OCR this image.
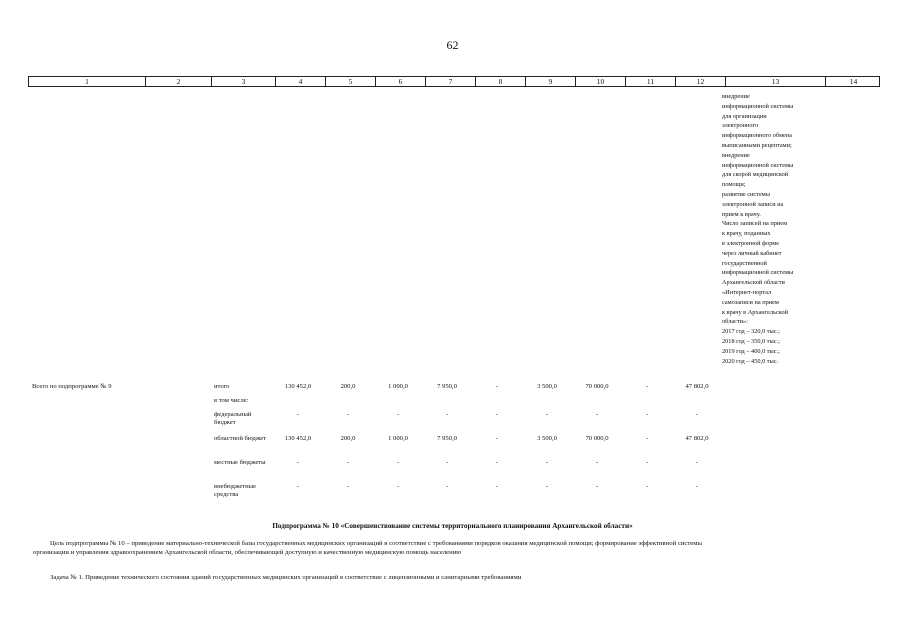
62
1	2	3	4	5	6	7	8	9	10	11	12	13	14
внедрение
информационной системы
для организации
электронного
информационного обмена
выписанными рецептами;
внедрение
информационной системы
для скорой медицинской
помощи;
развитие системы
электронной записи на
прием к врачу.
Число записей на прием
к врачу, поданных
в электронной форме
через личный кабинет
государственной
информационной системы
Архангельской области
«Интернет-портал
самозаписи на прием
к врачу в Архангельской
области»:
2017 год – 320,0 тыс.;
2018 год – 350,0 тыс.;
2019 год – 400,0 тыс.;
2020 год – 450,0 тыс.
Всего по подпрограмме № 9	итого	130 452,0	200,0	1 000,0	7 950,0	-	3 500,0	70 000,0	-	47 802,0
в том числе:
федеральный бюджет
-	-	-	-	-	-	-	-	-
областной бюджет	130 452,0	200,0	1 000,0	7 950,0	-	3 500,0	70 000,0	-	47 802,0
местные бюджеты	-	-	-	-	-	-	-	-	-
внебюджетные средства
-	-	-	-	-	-	-	-	-
Подпрограмма № 10 «Совершенствование системы территориального планирования Архангельской области»
Цель подпрограммы № 10 – приведение материально-технической базы государственных медицинских организаций в соответствие с требованиями порядков оказания медицинской помощи; формирование эффективной системы
организации и управления здравоохранением Архангельской области, обеспечивающей доступную и качественную медицинскую помощь населению
Задача № 1. Приведение технического состояния зданий государственных медицинских организаций в соответствие с лицензионными и санитарными требованиями
